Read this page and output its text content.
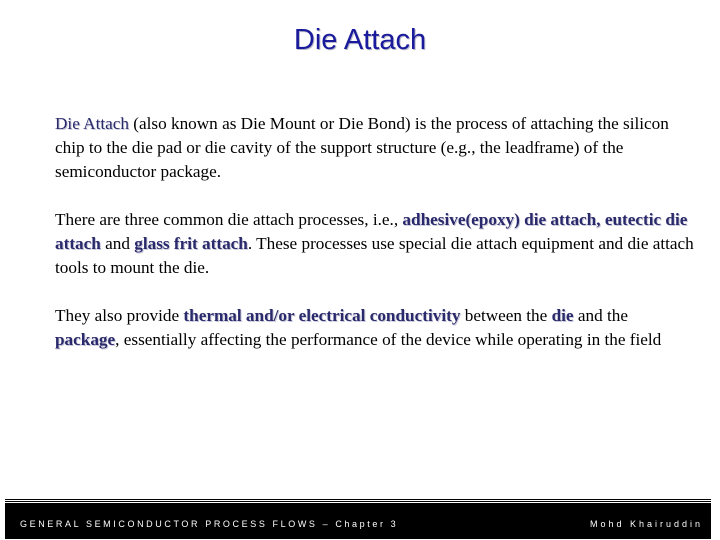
Die Attach

Die Attach (also known as Die Mount or Die Bond) is the process of attaching the silicon chip to the die pad or die cavity of the support structure (e.g., the leadframe) of the semiconductor package.

There are three common die attach processes, i.e., adhesive(epoxy) die attach, eutectic die attach and glass frit attach. These processes use special die attach equipment and die attach tools to mount the die.

They also provide thermal and/or electrical conductivity between the die and the package, essentially affecting the performance of the device while operating in the field

GENERAL SEMICONDUCTOR PROCESS FLOWS – Chapter 3	Mohd Khairuddin
